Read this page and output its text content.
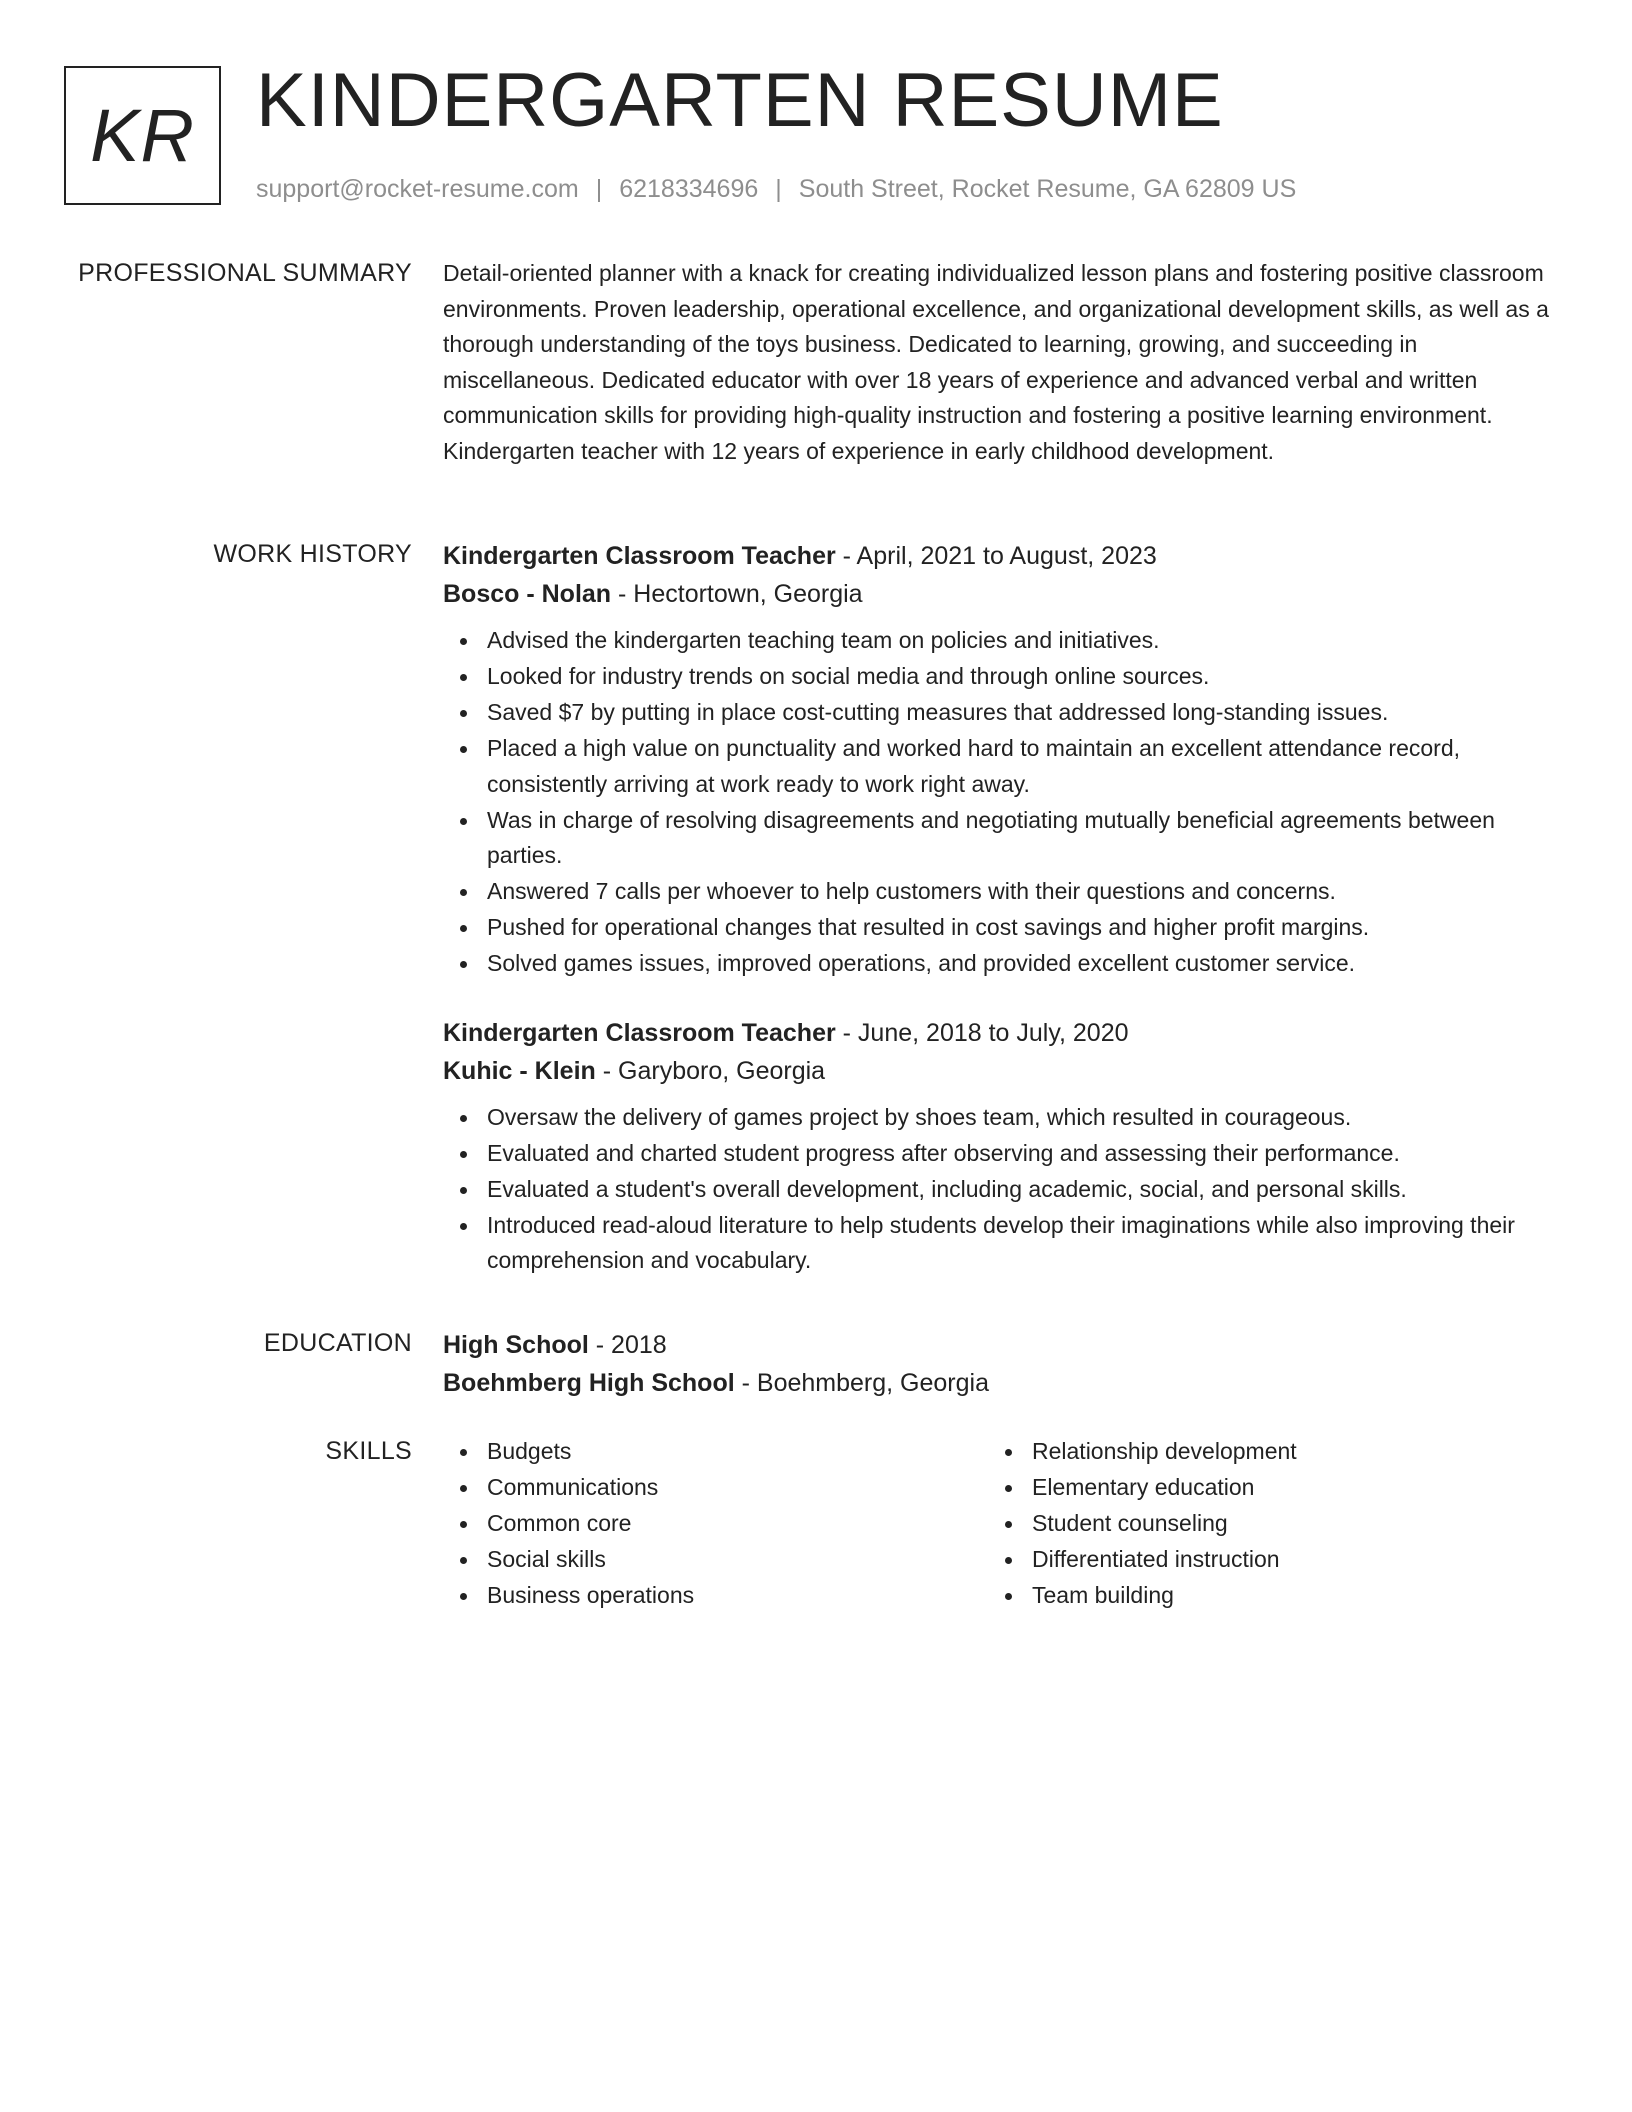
KR KINDERGARTEN RESUME
support@rocket-resume.com | 6218334696 | South Street, Rocket Resume, GA 62809 US
PROFESSIONAL SUMMARY Detail-oriented planner with a knack for creating individualized lesson plans and fostering positive classroom environments. Proven leadership, operational excellence, and organizational development skills, as well as a thorough understanding of the toys business. Dedicated to learning, growing, and succeeding in miscellaneous. Dedicated educator with over 18 years of experience and advanced verbal and written communication skills for providing high-quality instruction and fostering a positive learning environment. Kindergarten teacher with 12 years of experience in early childhood development.

WORK HISTORY Kindergarten Classroom Teacher - April, 2021 to August, 2023
Bosco - Nolan - Hectortown, Georgia
Advised the kindergarten teaching team on policies and initiatives.
Looked for industry trends on social media and through online sources.
Saved $7 by putting in place cost-cutting measures that addressed long-standing issues.
Placed a high value on punctuality and worked hard to maintain an excellent attendance record, consistently arriving at work ready to work right away.
Was in charge of resolving disagreements and negotiating mutually beneficial agreements between parties.
Answered 7 calls per whoever to help customers with their questions and concerns.
Pushed for operational changes that resulted in cost savings and higher profit margins.
Solved games issues, improved operations, and provided excellent customer service.
Kindergarten Classroom Teacher - June, 2018 to July, 2020
Kuhic - Klein - Garyboro, Georgia
Oversaw the delivery of games project by shoes team, which resulted in courageous.
Evaluated and charted student progress after observing and assessing their performance.
Evaluated a student's overall development, including academic, social, and personal skills.
Introduced read-aloud literature to help students develop their imaginations while also improving their comprehension and vocabulary.
EDUCATION High School - 2018
Boehmberg High School - Boehmberg, Georgia
SKILLS	Budgets
Communications
Common core
Social skills
Business operations
Relationship development
Elementary education
Student counseling
Differentiated instruction
Team building
